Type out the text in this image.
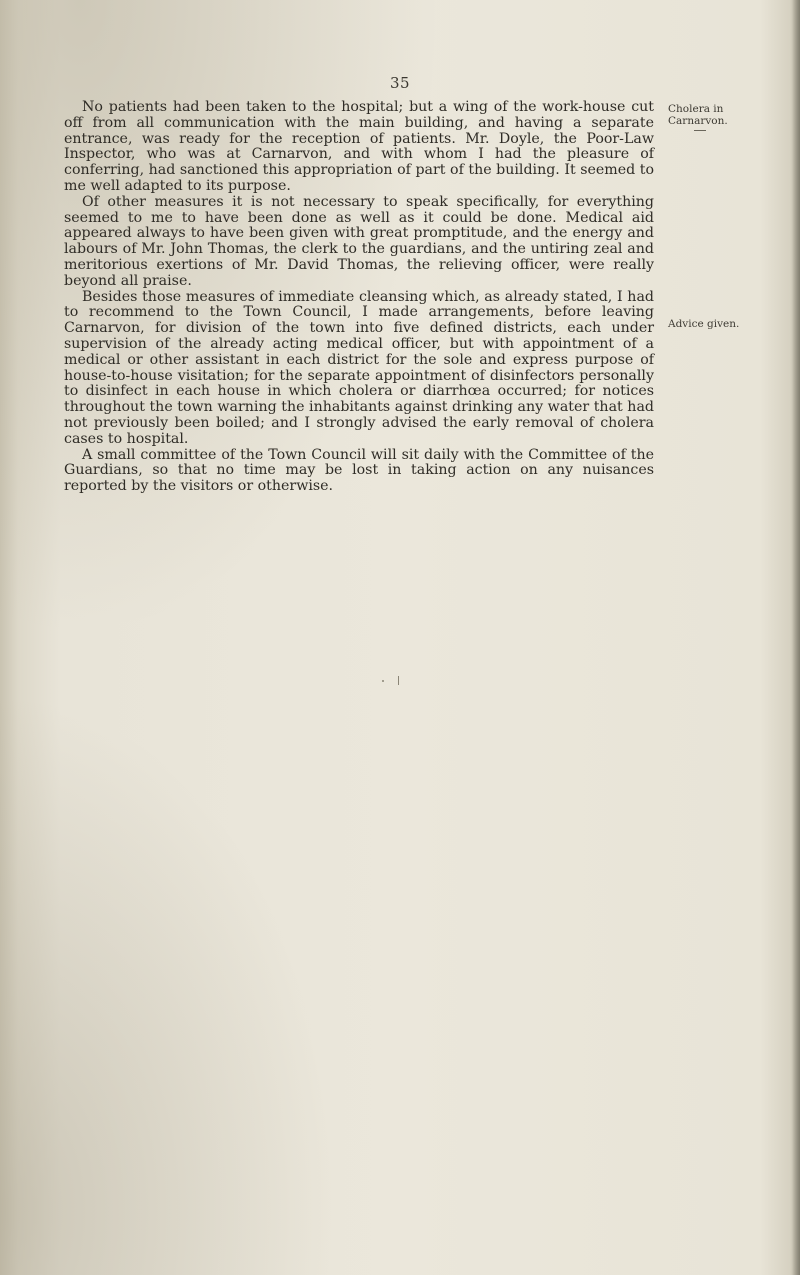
35

No patients had been taken to the hospital; but a wing of the work-house cut off from all communication with the main building, and having a separate entrance, was ready for the reception of patients. Mr. Doyle, the Poor-Law Inspector, who was at Carnarvon, and with whom I had the pleasure of conferring, had sanctioned this appropriation of part of the building. It seemed to me well adapted to its purpose.

Of other measures it is not necessary to speak specifically, for everything seemed to me to have been done as well as it could be done. Medical aid appeared always to have been given with great promptitude, and the energy and labours of Mr. John Thomas, the clerk to the guardians, and the untiring zeal and meritorious exertions of Mr. David Thomas, the relieving officer, were really beyond all praise.

Besides those measures of immediate cleansing which, as already stated, I had to recommend to the Town Council, I made arrangements, before leaving Carnarvon, for division of the town into five defined districts, each under supervision of the already acting medical officer, but with appointment of a medical or other assistant in each district for the sole and express purpose of house-to-house visitation; for the separate appointment of disinfectors personally to disinfect in each house in which cholera or diarrhœa occurred; for notices throughout the town warning the inhabitants against drinking any water that had not previously been boiled; and I strongly advised the early removal of cholera cases to hospital.

A small committee of the Town Council will sit daily with the Committee of the Guardians, so that no time may be lost in taking action on any nuisances reported by the visitors or otherwise.

Cholera in Carnarvon.
Advice given.
